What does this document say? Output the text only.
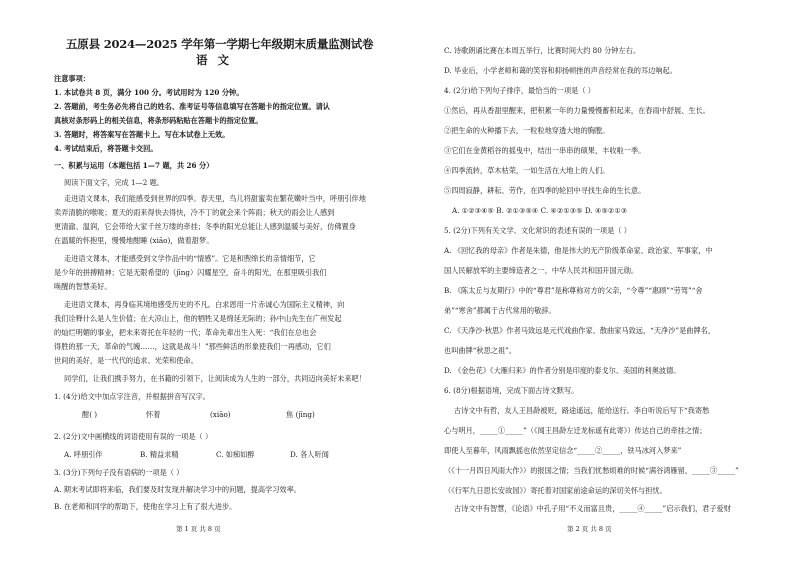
五原县 2024—2025 学年第一学期七年级期末质量监测试卷
语 文
注意事项：
1. 本试卷共 8 页，满分 100 分。考试用时为 120 分钟。
2. 答题前，考生务必先将自己的姓名、准考证号等信息填写在答题卡的指定位置。请认
真核对条形码上的相关信息，将条形码粘贴在答题卡的指定位置。
3. 答题时，将答案写在答题卡上。写在本试卷上无效。
4. 考试结束后，将答题卡交回。
一、积累与运用（本题包括 1—7 题，共 26 分）
阅读下面文字，完成 1—2 题。
走进语文课本，我们能感受到世界的四季。春天里，鸟儿将甜蜜卖在繁花嫩叶当中，呼朋引伴地
卖弄清脆的喉咙；夏天的雨来得快去得快，冷不丁的就会来个阵雨；秋天的雨会让人感到
更清澈、温润，它会带给大家千丝万缕的牵挂；冬季的阳光总能让人感到温暖与美好，仿佛置身
在温暖的怀抱里，慢慢地酣睡 (xiāo)，做着甜梦。
走进语文课本，才能感受到文学作品中的“情感”。它是和煦绵长的亲情细节，它
是少年的拼搏精神；它是无限希望的（jīng）闪耀星空，奋斗的阳光，在那里吸引我们
唤醒的智慧美好。
走进语文课本，再身临其境地感受历史的不凡。白求恩用一片赤诚心为国际主义精神，向
我们诠释什么是人生价值；在大凉山上，他的牺牲又是绵延无际的；孙中山先生在广州发起
的灿烂明媚的事业，把未来寄托在年轻的一代；革命先辈出生入死：“我们在总也会
得胜的那一天，革命的气魄……，这就是战斗！”那些鲜活的形象使我们一再感动，它们
世间的美好，是一代代的追求、光荣和使命。
同学们，让我们携手努力，在书籍的引领下，让阅读成为人生的一部分，共同迈向美好未来吧！
1. (4分)给文中加点字注音，并根据拼音写汉字。
酣( )	怀着	(xiāo)	焦 (jīng)
2. (2分)文中画横线的词语使用有误的一项是（ ）
A. 呼朋引伴	B. 精益求精	C. 如痴如醉	D. 各人听闻
3. (3分)下列句子没有语病的一项是（ ）
A. 期末考试即将来临，我们要及时发现并解决学习中的问题，提高学习效率。
B. 在老师和同学的帮助下，使他在学习上有了很大进步。
第 1 页 共 8 页
C. 诗歌朗诵比赛在本周五举行，比赛时间大约 80 分钟左右。
D. 毕业后，小学老师和蔼的笑容和抑扬顿挫的声音经常在我的耳边响起。
4. (2分)给下列句子排序，最恰当的一项是（ ）
①然后，再从香甜里醒来，把积累一年的力量慢慢蓄积起来，在春雨中舒展、生长。
②把生命的火种播下去，一粒粒地穿透大地的胸膛。
③它们在金黄稻谷的摇曳中，结出一串串的硕果，丰收啦一季。
④四季流转，草木枯荣，一如生活在大地上的人们。
⑤四周寂静，耕耘、劳作，在四季的轮回中寻找生命的生长意。
A. ①②③④⑤ B. ②①③⑤④ C. ④②①③⑤ D. ④⑤②①③
5. (2分)下列有关文学、文化常识的表述有误的一项是（ ）
A. 《回忆我的母亲》作者是朱德，他是伟大的无产阶级革命家、政治家、军事家，中
国人民解放军的主要缔造者之一。中华人民共和国开国元勋。
B. 《陈太丘与友期行》中的“尊君”是称尊称对方的父亲，“令尊”“惠顾”“劳驾”“舍
弟”“寒舍”都属于古代常用的敬辞。
C. 《天净沙·秋思》作者马致远是元代戏曲作家、散曲家马致远，“天净沙”是曲牌名，
也叫曲牌“秋思之祖”。
D. 《金色花》《大雁归来》的作者分别是印度的泰戈尔、美国的利奥波德。
6. (8分)根据语境，完成下面古诗文默写。
古诗文中有哲，友人王昌龄被贬，路途遥远，能给送行。李白听说后写下“我寄愁
心与明月，_____①_____”（《闻王昌龄左迁龙标遥有此寄》）传达自己的牵挂之情；
即使人至暮年，风雨飘摇也依然坚定信念“_____②_____，铁马冰河入梦来”
（《十一月四日风雨大作》）的报国之情；当我们忧愁烦难的时候“满谷鸿雁留，_____③_____”
（《行军九日思长安故园》）寄托着对国家前途命运的深切关怀与担忧。
古诗文中有智慧，《论语》中孔子用“不义而富且贵，_____④_____”启示我们，君子爱财
第 2 页 共 8 页
